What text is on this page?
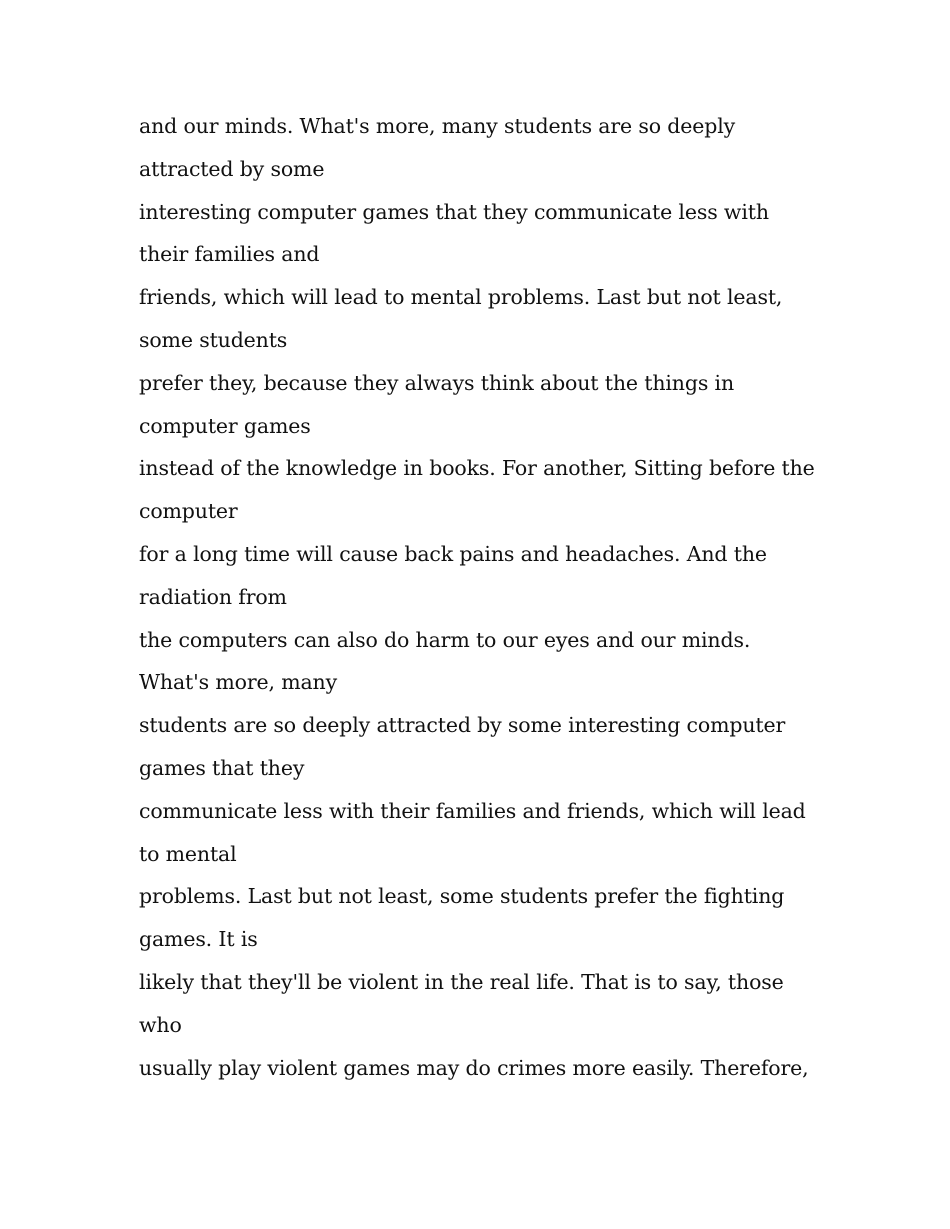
and our minds. What's more, many students are so deeply
attracted by some
interesting computer games that they communicate less with
their families and
friends, which will lead to mental problems. Last but not least,
some students
prefer they, because they always think about the things in
computer games
instead of the knowledge in books. For another, Sitting before the
computer
for a long time will cause back pains and headaches. And the
radiation from
the computers can also do harm to our eyes and our minds.
What's more, many
students are so deeply attracted by some interesting computer
games that they
communicate less with their families and friends, which will lead
to mental
problems. Last but not least, some students prefer the fighting
games. It is
likely that they'll be violent in the real life. That is to say, those
who
usually play violent games may do crimes more easily. Therefore,
